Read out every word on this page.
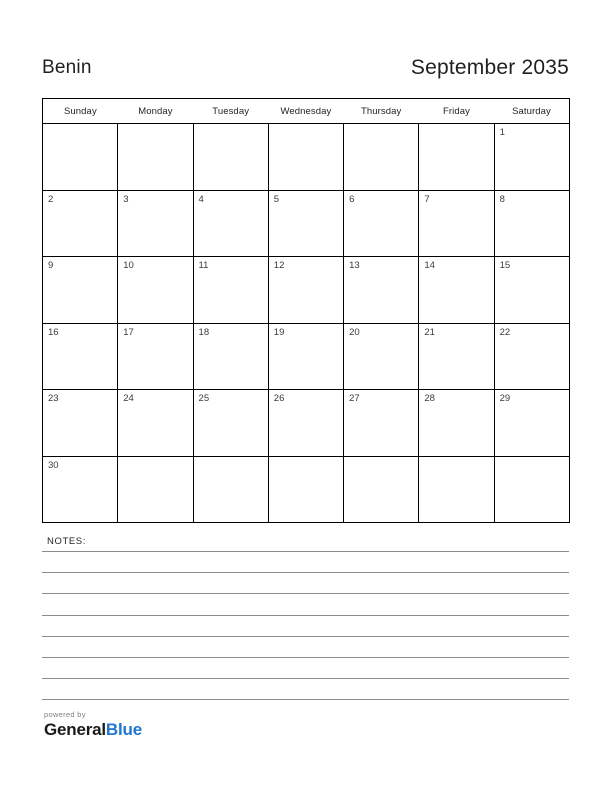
Benin	September 2035
Sunday	Monday	Tuesday	Wednesday	Thursday	Friday	Saturday

						1

2	3	4	5	6	7	8

9	10	11	12	13	14	15

16	17	18	19	20	21	22

23	24	25	26	27	28	29

30						

NOTES:
powered by
GeneralBlue
